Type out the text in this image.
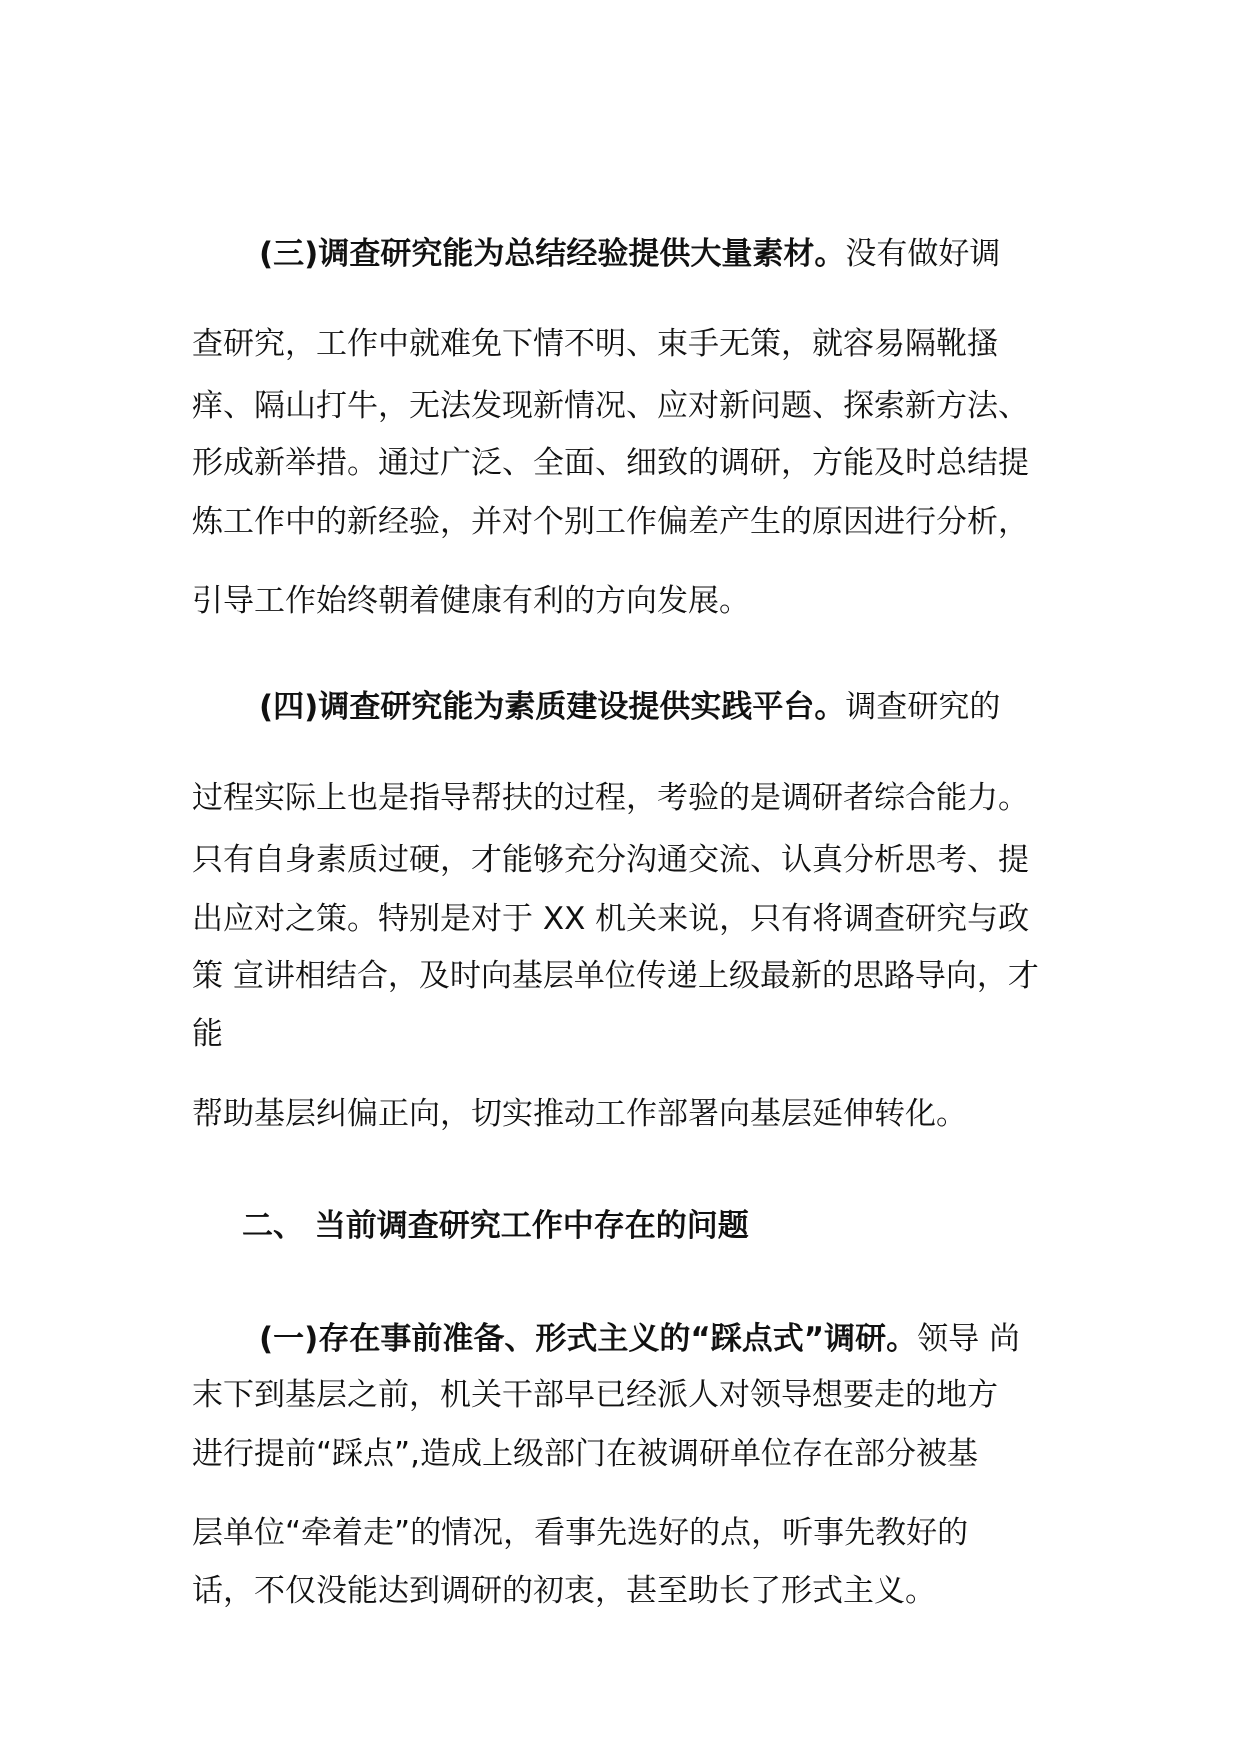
(三)调查研究能为总结经验提供大量素材。没有做好调
查研究，工作中就难免下情不明、束手无策，就容易隔靴搔
痒、隔山打牛，无法发现新情况、应对新问题、探索新方法、
形成新举措。通过广泛、全面、细致的调研，方能及时总结提
炼工作中的新经验，并对个别工作偏差产生的原因进行分析，
引导工作始终朝着健康有利的方向发展。
(四)调查研究能为素质建设提供实践平台。调查研究的
过程实际上也是指导帮扶的过程，考验的是调研者综合能力。
只有自身素质过硬，才能够充分沟通交流、认真分析思考、提
出应对之策。特别是对于 XX 机关来说，只有将调查研究与政
策 宣讲相结合，及时向基层单位传递上级最新的思路导向，才
能
帮助基层纠偏正向，切实推动工作部署向基层延伸转化。
二、 当前调查研究工作中存在的问题
(一)存在事前准备、形式主义的“踩点式”调研。领导 尚
末下到基层之前，机关干部早已经派人对领导想要走的地方
进行提前“踩点”,造成上级部门在被调研单位存在部分被基
层单位“牵着走”的情况，看事先选好的点，听事先教好的
话，不仅没能达到调研的初衷，甚至助长了形式主义。
